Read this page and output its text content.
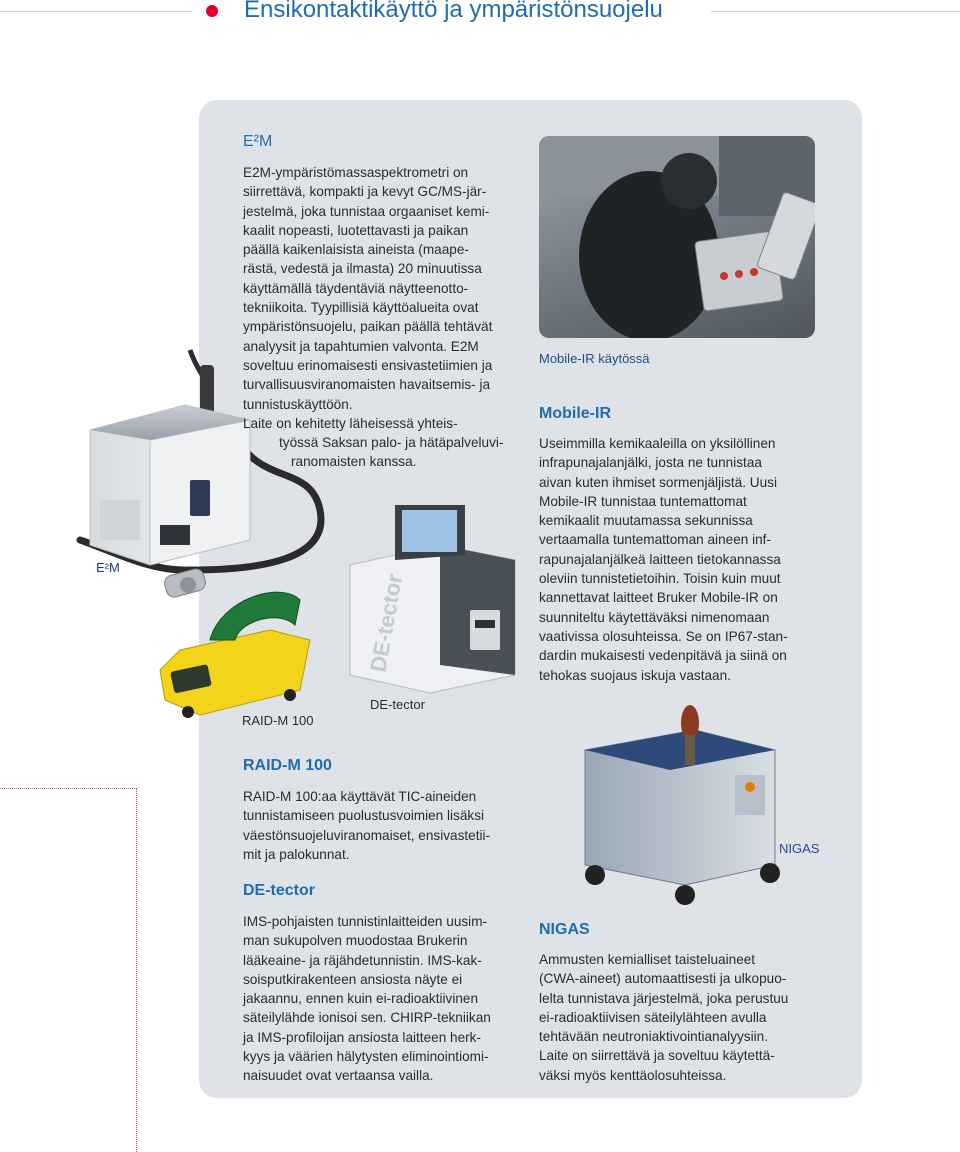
Ensikontaktikäyttö ja ympäristönsuojelu
E²M
E²M
E2M-ympäristömassaspektrometri on
siirrettävä, kompakti ja kevyt GC/MS-jär-
jestelmä, joka tunnistaa orgaaniset kemi-
kaalit nopeasti, luotettavasti ja paikan
päällä kaikenlaisista aineista (maape-
rästä, vedestä ja ilmasta) 20 minuutissa
käyttämällä täydentäviä näytteenotto-
tekniikoita. Tyypillisiä käyttöalueita ovat
ympäristönsuojelu, paikan päällä tehtävät
analyysit ja tapahtumien valvonta. E2M
soveltuu erinomaisesti ensivastetiimien ja
turvallisuusviranomaisten havaitsemis- ja
tunnistuskäyttöön.
Laite on kehitetty läheisessä yhteis-
työssä Saksan palo- ja hätäpalveluvi-
ranomaisten kanssa.
Mobile-IR käytössä
Mobile-IR
Useimmilla kemikaaleilla on yksilöllinen
infrapunajalanjälki, josta ne tunnistaa
aivan kuten ihmiset sormenjäljistä. Uusi
Mobile-IR tunnistaa tuntemattomat
kemikaalit muutamassa sekunnissa
vertaamalla tuntemattoman aineen inf-
rapunajalanjälkeä laitteen tietokannassa
oleviin tunnistetietoihin. Toisin kuin muut
kannettavat laitteet Bruker Mobile-IR on
suunniteltu käytettäväksi nimenomaan
vaativissa olosuhteissa. Se on IP67-stan-
dardin mukaisesti vedenpitävä ja siinä on
tehokas suojaus iskuja vastaan.
RAID-M 100
DE-tector
DE-tector
RAID-M 100
RAID-M 100:aa käyttävät TIC-aineiden
tunnistamiseen puolustusvoimien lisäksi
väestönsuojeluviranomaiset, ensivastetii-
mit ja palokunnat.
DE-tector
IMS-pohjaisten tunnistinlaitteiden uusim-
man sukupolven muodostaa Brukerin
lääkeaine- ja räjähdetunnistin. IMS-kak-
soisputkirakenteen ansiosta näyte ei
jakaannu, ennen kuin ei-radioaktiivinen
säteilylähde ionisoi sen. CHIRP-tekniikan
ja IMS-profiloijan ansiosta laitteen herk-
kyys ja väärien hälytysten eliminointiomi-
naisuudet ovat vertaansa vailla.
NIGAS
NIGAS
Ammusten kemialliset taisteluaineet
(CWA-aineet) automaattisesti ja ulkopuo-
lelta tunnistava järjestelmä, joka perustuu
ei-radioaktiivisen säteilylähteen avulla
tehtävään neutroniaktivointianalyysiin.
Laite on siirrettävä ja soveltuu käytettä-
väksi myös kenttäolosuhteissa.
